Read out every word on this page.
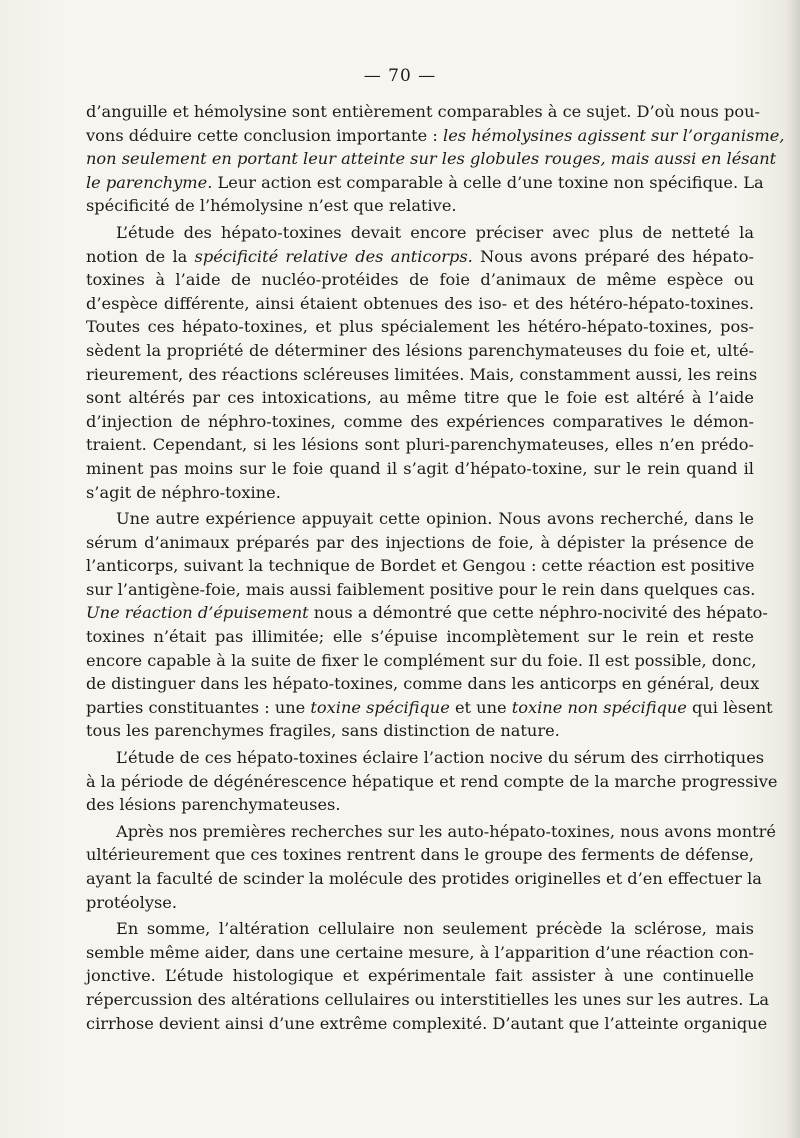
— 70 —
d’anguille et hémolysine sont entièrement comparables à ce sujet. D’où nous pou-
vons déduire cette conclusion importante : les hémolysines agissent sur l’organisme,
non seulement en portant leur atteinte sur les globules rouges, mais aussi en lésant
le parenchyme. Leur action est comparable à celle d’une toxine non spécifique. La
spécificité de l’hémolysine n’est que relative.
L’étude des hépato-toxines devait encore préciser avec plus de netteté la
notion de la spécificité relative des anticorps. Nous avons préparé des hépato-
toxines à l’aide de nucléo-protéides de foie d’animaux de même espèce ou
d’espèce différente, ainsi étaient obtenues des iso- et des hétéro-hépato-toxines.
Toutes ces hépato-toxines, et plus spécialement les hétéro-hépato-toxines, pos-
sèdent la propriété de déterminer des lésions parenchymateuses du foie et, ulté-
rieurement, des réactions scléreuses limitées. Mais, constamment aussi, les reins
sont altérés par ces intoxications, au même titre que le foie est altéré à l’aide
d’injection de néphro-toxines, comme des expériences comparatives le démon-
traient. Cependant, si les lésions sont pluri-parenchymateuses, elles n’en prédo-
minent pas moins sur le foie quand il s’agit d’hépato-toxine, sur le rein quand il
s’agit de néphro-toxine.
Une autre expérience appuyait cette opinion. Nous avons recherché, dans le
sérum d’animaux préparés par des injections de foie, à dépister la présence de
l’anticorps, suivant la technique de Bordet et Gengou : cette réaction est positive
sur l’antigène-foie, mais aussi faiblement positive pour le rein dans quelques cas.
Une réaction d’épuisement nous a démontré que cette néphro-nocivité des hépato-
toxines n’était pas illimitée; elle s’épuise incomplètement sur le rein et reste
encore capable à la suite de fixer le complément sur du foie. Il est possible, donc,
de distinguer dans les hépato-toxines, comme dans les anticorps en général, deux
parties constituantes : une toxine spécifique et une toxine non spécifique qui lèsent
tous les parenchymes fragiles, sans distinction de nature.
L’étude de ces hépato-toxines éclaire l’action nocive du sérum des cirrhotiques
à la période de dégénérescence hépatique et rend compte de la marche progressive
des lésions parenchymateuses.
Après nos premières recherches sur les auto-hépato-toxines, nous avons montré
ultérieurement que ces toxines rentrent dans le groupe des ferments de défense,
ayant la faculté de scinder la molécule des protides originelles et d’en effectuer la
protéolyse.
En somme, l’altération cellulaire non seulement précède la sclérose, mais
semble même aider, dans une certaine mesure, à l’apparition d’une réaction con-
jonctive. L’étude histologique et expérimentale fait assister à une continuelle
répercussion des altérations cellulaires ou interstitielles les unes sur les autres. La
cirrhose devient ainsi d’une extrême complexité. D’autant que l’atteinte organique
